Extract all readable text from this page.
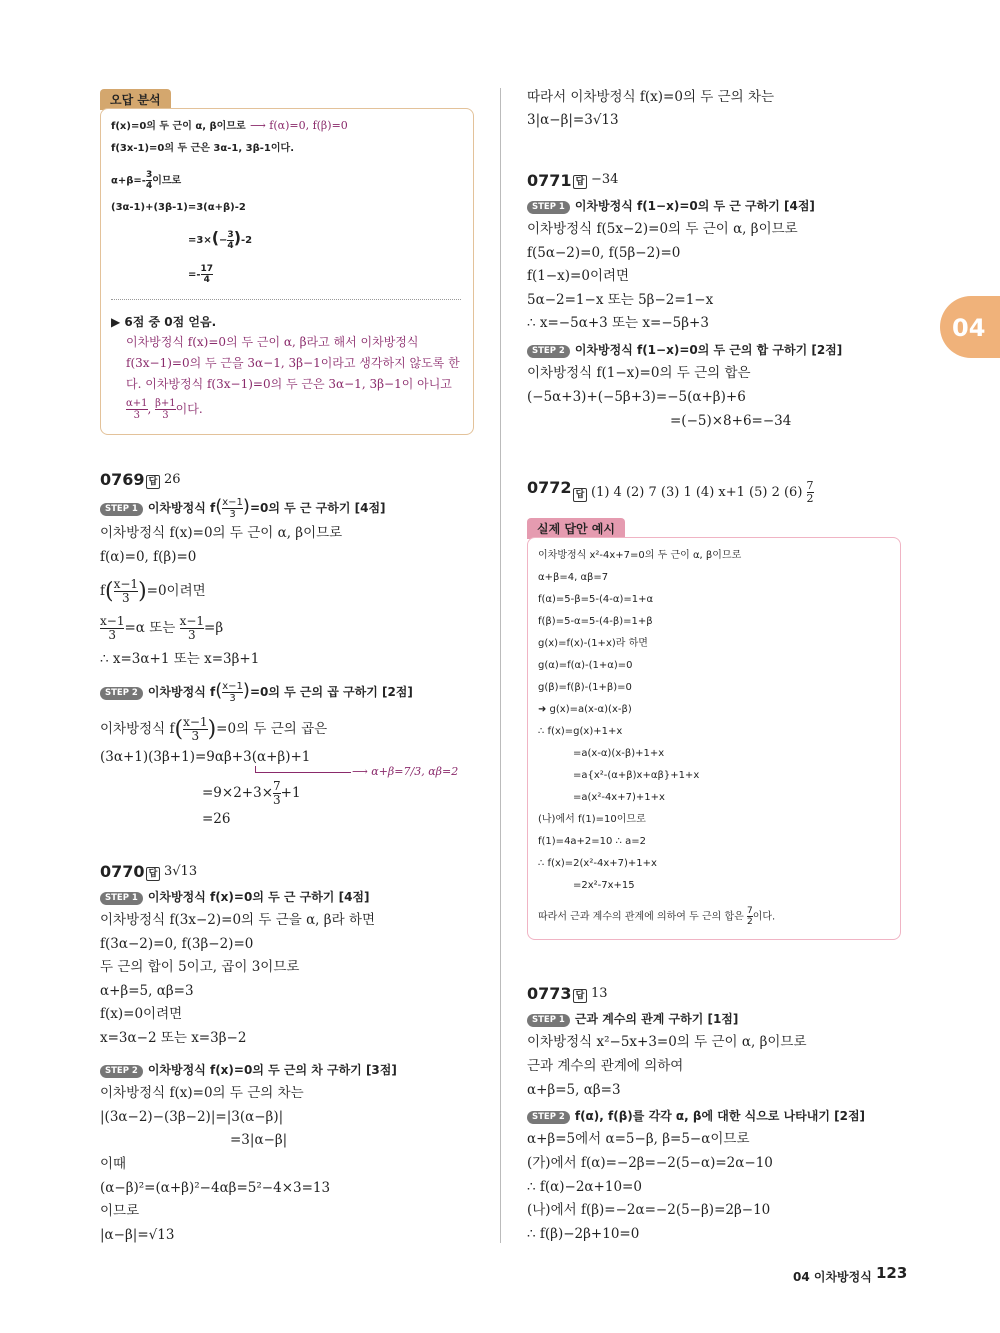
04
오답 분석
f(x)=0의 두 근이 α, β이므로 ⟶ f(α)=0, f(β)=0
f(3x-1)=0의 두 근은 3α-1, 3β-1이다.
$\alpha+\beta=- \frac{3}{4}$ 이므로
(3α-1)+(3β-1)=3(α+β)-2
$=3\times(- \frac{3}{4} )-2$
=- $\frac{17}{4}$
▶ 6점 중 0점 얻음.
이차방정식 f(x)=0의 두 근이 α, β라고 해서 이차방정식
f(3x−1)=0의 두 근을 3α−1, 3β−1이라고 생각하지 않도록 한
다. 이차방정식 f(3x−1)=0의 두 근은 3α−1, 3β−1이 아니고
$\frac{\alpha+1}{3}$ , $\frac{\beta+1}{3}$ 이다.
0769 답 26
STEP 1 이차방정식 $f( \frac{x-1}{3} )=0$의 두 근 구하기 [4점]
이차방정식 f(x)=0의 두 근이 α, β이므로
f(α)=0, f(β)=0
$f( \frac{x-1}{3} )=0$이려면
$\frac{x-1}{3} =\alpha$ 또는 $\frac{x-1}{3} =\beta$
∴ x=3α+1 또는 x=3β+1
STEP 2 이차방정식 $f( \frac{x-1}{3} )=0$의 두 근의 곱 구하기 [2점]
이차방정식 $f( \frac{x-1}{3} )=0$의 두 근의 곱은
(3α+1)(3β+1)=9αβ+3(α+β)+1
⟶ α+β=7/3, αβ=2
$=9\times 2+3\times \frac{7}{3} +1$
=26
0770 답 3√13
STEP 1 이차방정식 f(x)=0의 두 근 구하기 [4점]
이차방정식 f(3x−2)=0의 두 근을 α, β라 하면
f(3α−2)=0, f(3β−2)=0
두 근의 합이 5이고, 곱이 3이므로
α+β=5, αβ=3
f(x)=0이려면
x=3α−2 또는 x=3β−2
STEP 2 이차방정식 f(x)=0의 두 근의 차 구하기 [3점]
이차방정식 f(x)=0의 두 근의 차는
|(3α−2)−(3β−2)|=|3(α−β)|
=3|α−β|
이때
(α−β)²=(α+β)²−4αβ=5²−4×3=13
이므로
|α−β|=√13
따라서 이차방정식 f(x)=0의 두 근의 차는
3|α−β|=3√13
0771 답 −34
STEP 1 이차방정식 f(1−x)=0의 두 근 구하기 [4점]
이차방정식 f(5x−2)=0의 두 근이 α, β이므로
f(5α−2)=0, f(5β−2)=0
f(1−x)=0이려면
5α−2=1−x 또는 5β−2=1−x
∴ x=−5α+3 또는 x=−5β+3
STEP 2 이차방정식 f(1−x)=0의 두 근의 합 구하기 [2점]
이차방정식 f(1−x)=0의 두 근의 합은
(−5α+3)+(−5β+3)=−5(α+β)+6
=(−5)×8+6=−34
0772 답 (1) 4 (2) 7 (3) 1 (4) x+1 (5) 2 $(6) \frac{7}{2}$
실제 답안 예시
이차방정식 x²-4x+7=0의 두 근이 α, β이므로
α+β=4, αβ=7
f(α)=5-β=5-(4-α)=1+α
f(β)=5-α=5-(4-β)=1+β
g(x)=f(x)-(1+x)라 하면
g(α)=f(α)-(1+α)=0
g(β)=f(β)-(1+β)=0
➜ g(x)=a(x-α)(x-β)
∴ f(x)=g(x)+1+x
=a(x-α)(x-β)+1+x
=a{x²-(α+β)x+αβ}+1+x
=a(x²-4x+7)+1+x
(나)에서 f(1)=10이므로
f(1)=4a+2=10 ∴ a=2
∴ f(x)=2(x²-4x+7)+1+x
=2x²-7x+15
따라서 근과 계수의 관계에 의하여 두 근의 합은 $\frac{7}{2}$ 이다.
0773 답 13
STEP 1 근과 계수의 관계 구하기 [1점]
이차방정식 x²−5x+3=0의 두 근이 α, β이므로
근과 계수의 관계에 의하여
α+β=5, αβ=3
STEP 2 f(α), f(β)를 각각 α, β에 대한 식으로 나타내기 [2점]
α+β=5에서 α=5−β, β=5−α이므로
(가)에서 f(α)=−2β=−2(5−α)=2α−10
∴ f(α)−2α+10=0
(나)에서 f(β)=−2α=−2(5−β)=2β−10
∴ f(β)−2β+10=0
04 이차방정식 123
